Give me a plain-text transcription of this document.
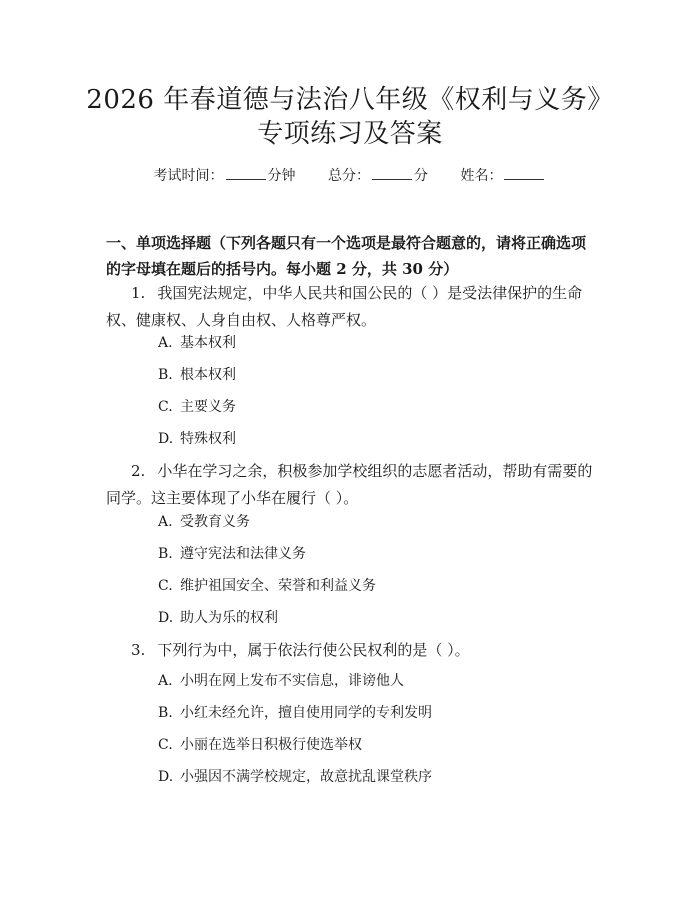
2026 年春道德与法治八年级《权利与义务》
专项练习及答案
考试时间：	分钟 总分：	分 姓名：
一、单项选择题（下列各题只有一个选项是最符合题意的，请将正确选项的字母填在题后的括号内。每小题 2 分，共 30 分）
1. 我国宪法规定，中华人民共和国公民的（ ）是受法律保护的生命权、健康权、人身自由权、人格尊严权。
A. 基本权利
B. 根本权利
C. 主要义务
D. 特殊权利
2. 小华在学习之余，积极参加学校组织的志愿者活动，帮助有需要的同学。这主要体现了小华在履行（ ）。
A. 受教育义务
B. 遵守宪法和法律义务
C. 维护祖国安全、荣誉和利益义务
D. 助人为乐的权利
3. 下列行为中，属于依法行使公民权利的是（ ）。
A. 小明在网上发布不实信息，诽谤他人
B. 小红未经允许，擅自使用同学的专利发明
C. 小丽在选举日积极行使选举权
D. 小强因不满学校规定，故意扰乱课堂秩序
